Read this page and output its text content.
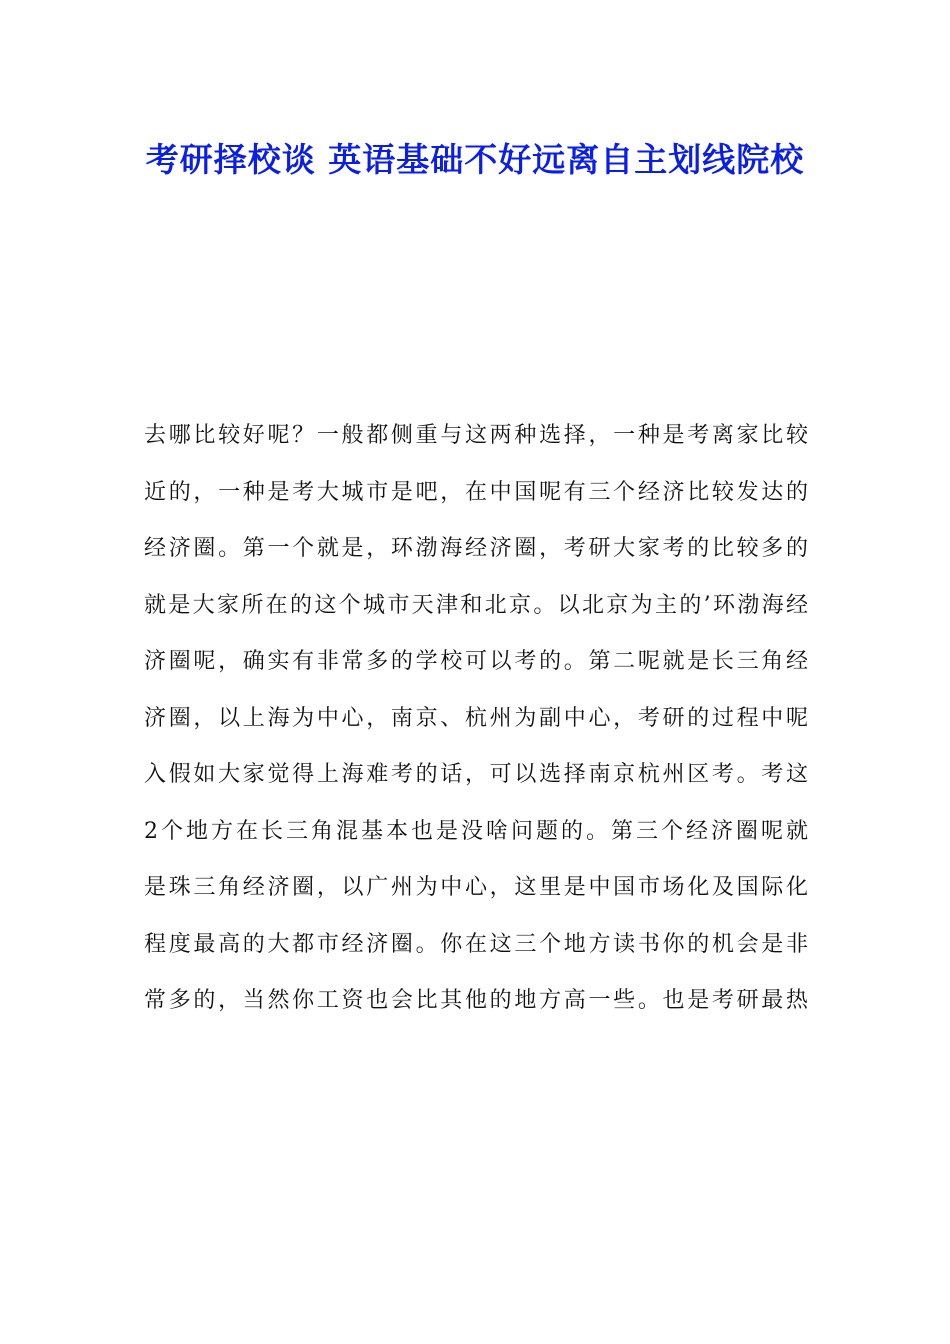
考研择校谈 英语基础不好远离自主划线院校
去哪比较好呢？一般都侧重与这两种选择，一种是考离家比较
近的，一种是考大城市是吧，在中国呢有三个经济比较发达的
经济圈。第一个就是，环渤海经济圈，考研大家考的比较多的
就是大家所在的这个城市天津和北京。以北京为主的’环渤海经
济圈呢，确实有非常多的学校可以考的。第二呢就是长三角经
济圈，以上海为中心，南京、杭州为副中心，考研的过程中呢
入假如大家觉得上海难考的话，可以选择南京杭州区考。考这
2个地方在长三角混基本也是没啥问题的。第三个经济圈呢就
是珠三角经济圈，以广州为中心，这里是中国市场化及国际化
程度最高的大都市经济圈。你在这三个地方读书你的机会是非
常多的，当然你工资也会比其他的地方高一些。也是考研最热
